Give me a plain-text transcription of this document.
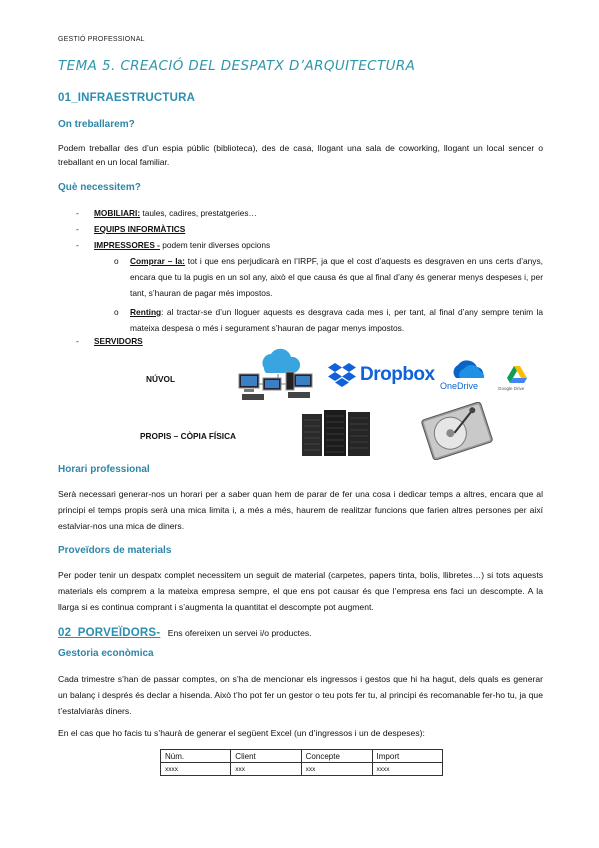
GESTIÓ PROFESSIONAL
TEMA 5. CREACIÓ DEL DESPATX D’ARQUITECTURA
01_INFRAESTRUCTURA
On treballarem?
Podem treballar des d’un espia públic (biblioteca), des de casa, llogant una sala de coworking, llogant un local sencer o treballant en un local familiar.
Què necessitem?
- MOBILIARI: taules, cadires, prestatgeries…
- EQUIPS INFORMÀTICS
- IMPRESSORES - podem tenir diverses opcions
o Comprar – la: tot i que ens perjudicarà en l’IRPF, ja que el cost d’aquests es desgraven en uns certs d’anys, encara que tu la pugis en un sol any, això el que causa és que al final d’any és generar menys despeses i, per tant, s’hauran de pagar més impostos.
o Renting: al tractar-se d’un lloguer aquests es desgrava cada mes i, per tant, al final d’any sempre tenim la mateixa despesa o més i segurament s’hauran de pagar menys impostos.
- SERVIDORS
NÚVOL
PROPIS – CÒPIA FÍSICA
Dropbox
OneDrive	Google Drive
Horari professional
Serà necessari generar-nos un horari per a saber quan hem de parar de fer una cosa i dedicar temps a altres, encara que al principi el temps propis serà una mica limita i, a més a més, haurem de realitzar funcions que farien altres persones per així estalviar-nos una mica de diners.
Proveïdors de materials
Per poder tenir un despatx complet necessitem un seguit de material (carpetes, papers tinta, bolis, llibretes…) si tots aquests materials els comprem a la mateixa empresa sempre, el que ens pot causar és que l’empresa ens faci un descompte. A la llarga si es continua comprant i s’augmenta la quantitat el descompte pot augment.
02_PORVEÏDORS- Ens ofereixen un servei i/o productes.
Gestoria econòmica
Cada trimestre s’han de passar comptes, on s’ha de mencionar els ingressos i gestos que hi ha hagut, dels quals es generar un balanç i després és declar a hisenda. Això t’ho pot fer un gestor o teu pots fer tu, al principi és recomanable fer-ho tu, ja que t’estalviaràs diners.
En el cas que ho facis tu s’haurà de generar el següent Excel (un d’ingressos i un de despeses):
Núm.	Client	Concepte	Import
xxxx	xxx	xxx	xxxx
